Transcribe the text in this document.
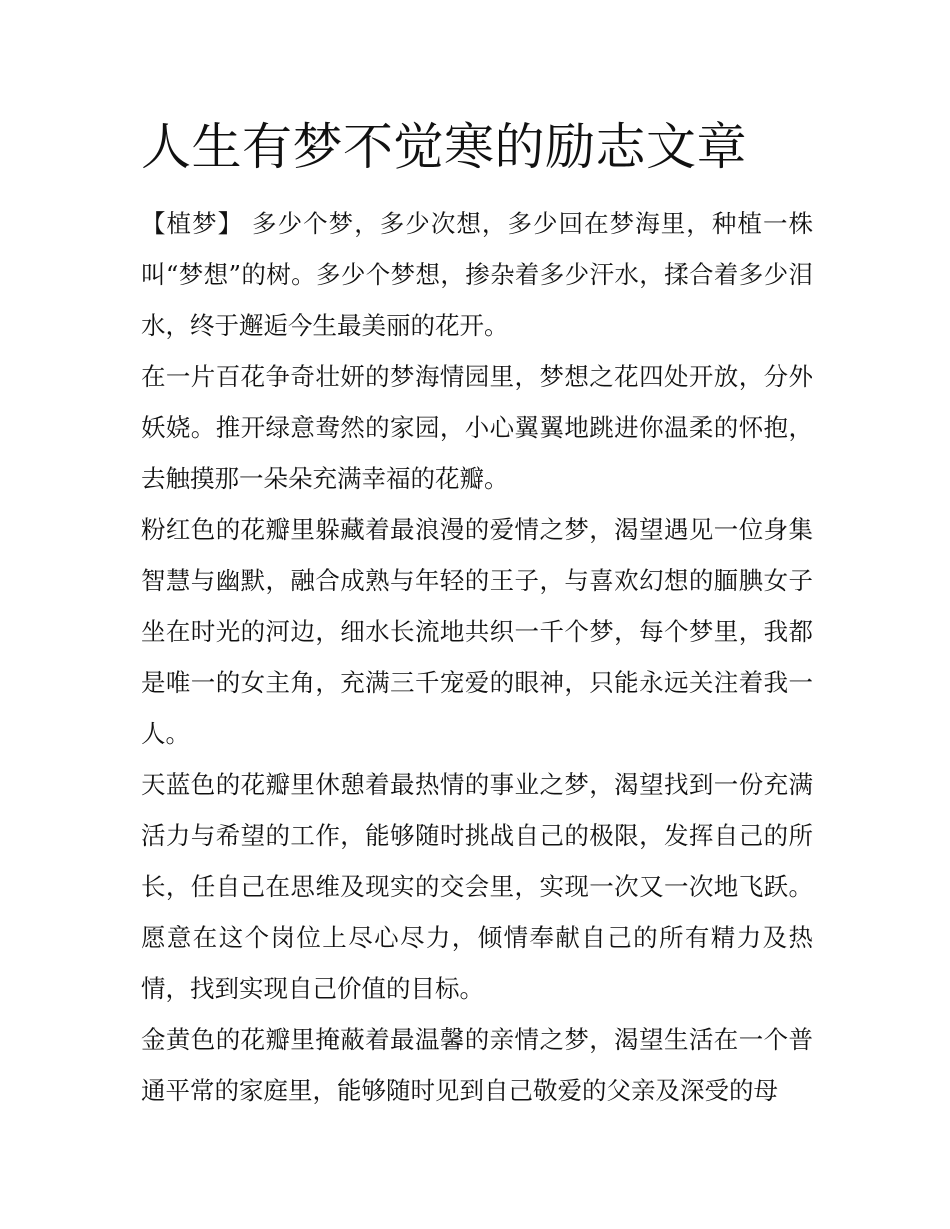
人生有梦不觉寒的励志文章

【植梦】 多少个梦，多少次想，多少回在梦海里，种植一株叫“梦想”的树。多少个梦想，掺杂着多少汗水，揉合着多少泪水，终于邂逅今生最美丽的花开。

在一片百花争奇壮妍的梦海情园里，梦想之花四处开放，分外妖娆。推开绿意鸯然的家园，小心翼翼地跳进你温柔的怀抱，去触摸那一朵朵充满幸福的花瓣。

粉红色的花瓣里躲藏着最浪漫的爱情之梦，渴望遇见一位身集智慧与幽默，融合成熟与年轻的王子，与喜欢幻想的腼腆女子坐在时光的河边，细水长流地共织一千个梦，每个梦里，我都是唯一的女主角，充满三千宠爱的眼神，只能永远关注着我一人。

天蓝色的花瓣里休憩着最热情的事业之梦，渴望找到一份充满活力与希望的工作，能够随时挑战自己的极限，发挥自己的所长，任自己在思维及现实的交会里，实现一次又一次地飞跃。愿意在这个岗位上尽心尽力，倾情奉献自己的所有精力及热情，找到实现自己价值的目标。

金黄色的花瓣里掩蔽着最温馨的亲情之梦，渴望生活在一个普通平常的家庭里，能够随时见到自己敬爱的父亲及深受的母
